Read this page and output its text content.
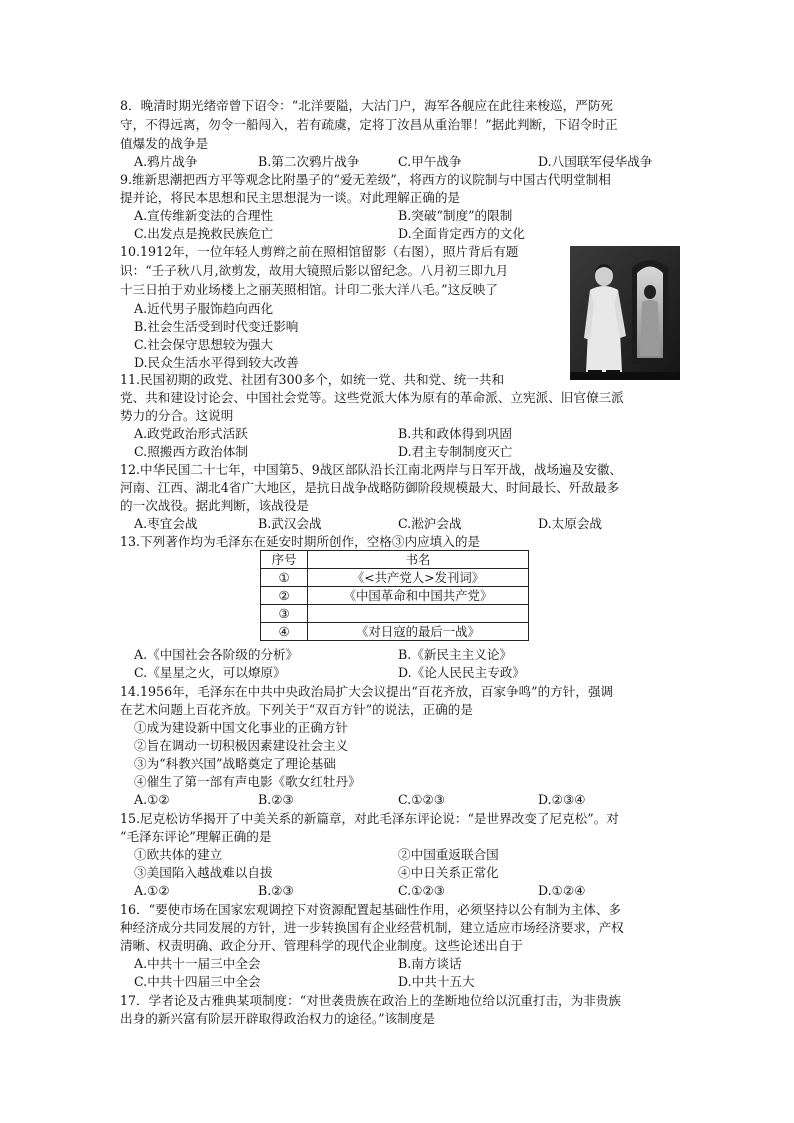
8．晚清时期光绪帝曾下诏令：“北洋要隘，大沽门户，海军各舰应在此往来梭巡，严防死
守，不得远离，勿令一船闯入，若有疏虞，定将丁汝昌从重治罪！”据此判断，下诏令时正
值爆发的战争是
A.鸦片战争	B.第二次鸦片战争	C.甲午战争	D.八国联军侵华战争
9.维新思潮把西方平等观念比附墨子的“爱无差级”，将西方的议院制与中国古代明堂制相
提并论，将民本思想和民主思想混为一谈。对此理解正确的是
A.宣传维新变法的合理性	B.突破“制度”的限制
C.出发点是挽救民族危亡	D.全面肯定西方的文化
10.1912年，一位年轻人剪辫之前在照相馆留影（右图），照片背后有题
识：“壬子秋八月,欲剪发，故用大镜照后影以留纪念。八月初三即九月
十三日拍于劝业场楼上之丽芙照相馆。计印二张大洋八毛。”这反映了
A.近代男子服饰趋向西化
B.社会生活受到时代变迁影响
C.社会保守思想较为强大
D.民众生活水平得到较大改善
11.民国初期的政党、社团有300多个，如统一党、共和党、统一共和
党、共和建设讨论会、中国社会党等。这些党派大体为原有的革命派、立宪派、旧官僚三派
势力的分合。这说明
A.政党政治形式活跃	B.共和政体得到巩固
C.照搬西方政治体制	D.君主专制制度灭亡
12.中华民国二十七年，中国第5、9战区部队沿长江南北两岸与日军开战，战场遍及安徽、
河南、江西、湖北4省广大地区，是抗日战争战略防御阶段规模最大、时间最长、歼敌最多
的一次战役。据此判断，该战役是
A.枣宜会战	B.武汉会战	C.淞沪会战	D.太原会战
13.下列著作均为毛泽东在延安时期所创作，空格③内应填入的是
序号	书名
①	《<共产党人>发刊词》
②	《中国革命和中国共产党》
③	
④	《对日寇的最后一战》
A.《中国社会各阶级的分析》	B.《新民主主义论》
C.《星星之火，可以燎原》	D.《论人民民主专政》
14.1956年，毛泽东在中共中央政治局扩大会议提出“百花齐放，百家争鸣”的方针，强调
在艺术问题上百花齐放。下列关于“双百方针”的说法，正确的是
①成为建设新中国文化事业的正确方针
②旨在调动一切积极因素建设社会主义
③为“科教兴国”战略奠定了理论基础
④催生了第一部有声电影《歌女红牡丹》
A.①②	B.②③	C.①②③	D.②③④
15.尼克松访华揭开了中美关系的新篇章，对此毛泽东评论说：“是世界改变了尼克松”。对
“毛泽东评论”理解正确的是
①欧共体的建立	②中国重返联合国
③美国陷入越战难以自拔	④中日关系正常化
A.①②	B.②③	C.①②③	D.①②④
16．“要使市场在国家宏观调控下对资源配置起基础性作用，必须坚持以公有制为主体、多
种经济成分共同发展的方针，进一步转换国有企业经营机制，建立适应市场经济要求，产权
清晰、权责明确、政企分开、管理科学的现代企业制度。这些论述出自于
A.中共十一届三中全会	B.南方谈话
C.中共十四届三中全会	D.中共十五大
17．学者论及古雅典某项制度：“对世袭贵族在政治上的垄断地位给以沉重打击，为非贵族
出身的新兴富有阶层开辟取得政治权力的途径。”该制度是
